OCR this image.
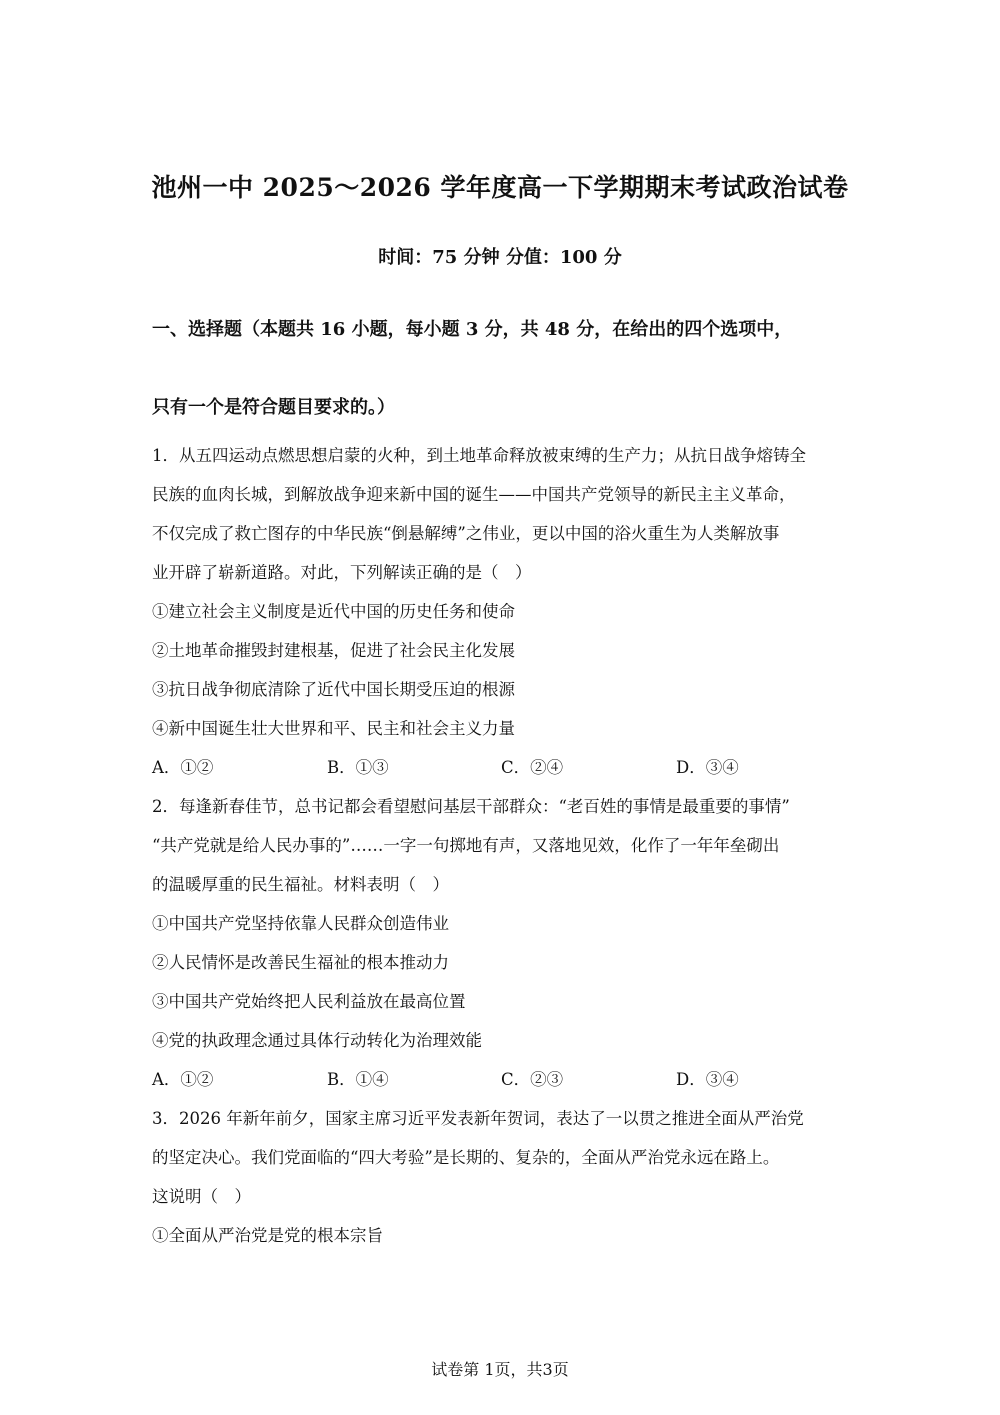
池州一中 2025～2026 学年度高一下学期期末考试政治试卷
时间：75 分钟 分值：100 分
一、选择题（本题共 16 小题，每小题 3 分，共 48 分，在给出的四个选项中，
只有一个是符合题目要求的。）
1．从五四运动点燃思想启蒙的火种，到土地革命释放被束缚的生产力；从抗日战争熔铸全
民族的血肉长城，到解放战争迎来新中国的诞生——中国共产党领导的新民主主义革命，
不仅完成了救亡图存的中华民族“倒悬解缚”之伟业，更以中国的浴火重生为人类解放事
业开辟了崭新道路。对此，下列解读正确的是（　）
①建立社会主义制度是近代中国的历史任务和使命
②土地革命摧毁封建根基，促进了社会民主化发展
③抗日战争彻底清除了近代中国长期受压迫的根源
④新中国诞生壮大世界和平、民主和社会主义力量
A．①②	B．①③	C．②④	D．③④
2．每逢新春佳节，总书记都会看望慰问基层干部群众：“老百姓的事情是最重要的事情”
“共产党就是给人民办事的”……一字一句掷地有声，又落地见效，化作了一年年垒砌出
的温暖厚重的民生福祉。材料表明（　）
①中国共产党坚持依靠人民群众创造伟业
②人民情怀是改善民生福祉的根本推动力
③中国共产党始终把人民利益放在最高位置
④党的执政理念通过具体行动转化为治理效能
A．①②	B．①④	C．②③	D．③④
3．2026 年新年前夕，国家主席习近平发表新年贺词，表达了一以贯之推进全面从严治党
的坚定决心。我们党面临的“四大考验”是长期的、复杂的，全面从严治党永远在路上。
这说明（　）
①全面从严治党是党的根本宗旨
试卷第 1页，共3页
